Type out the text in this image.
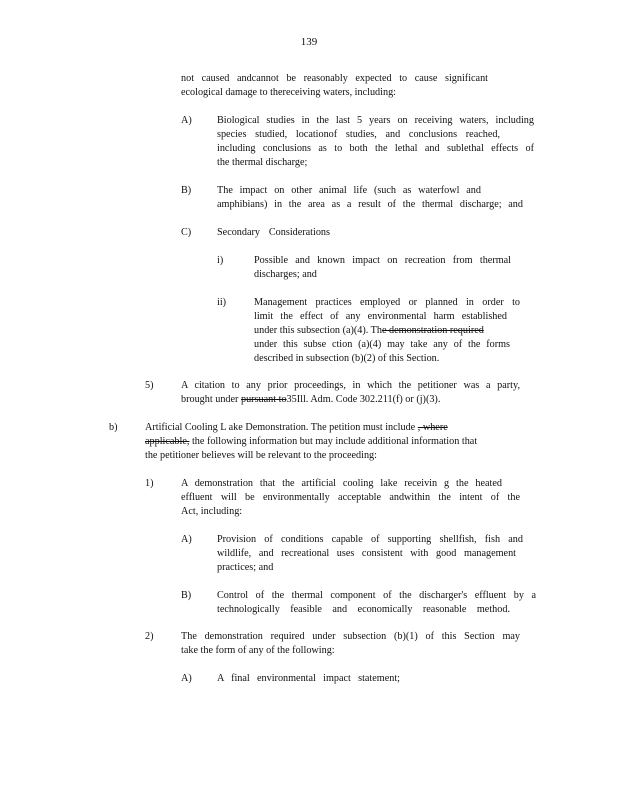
139
not caused andcannot be reasonably expected to cause significant
ecological damage to thereceiving waters, including:
A) Biological studies in the last 5 years on receiving waters, including
species studied, locationof studies, and conclusions reached,
including conclusions as to both the lethal and sublethal effects of
the thermal discharge;
B)	The impact on other animal life (such as waterfowl and
amphibians) in the area as a result of the thermal discharge; and
C)	Secondary Considerations
i)	Possible and known impact on recreation from thermal
discharges; and
ii)	Management practices employed or planned in order to
limit the effect of any environmental harm established
under this subsection (a)(4). The demonstration required
under this subse ction (a)(4) may take any of the forms
described in subsection (b)(2) of this Section.
5)	A citation to any prior proceedings, in which the petitioner was a party,
brought under pursuant to35Ill. Adm. Code 302.211(f) or (j)(3).
b)	Artificial Cooling L ake Demonstration. The petition must include , where
applicable, the following information but may include additional information that
the petitioner believes will be relevant to the proceeding:
1)	A demonstration that the artificial cooling lake receivin g the heated
effluent will be environmentally acceptable andwithin the intent of the
Act, including:
A) Provision of conditions capable of supporting shellfish, fish and
wildlife, and recreational uses consistent with good management
practices; and
B)	Control of the thermal component of the discharger's effluent by a
technologically feasible and economically reasonable method.
2)	The demonstration required under subsection (b)(1) of this Section may
take the form of any of the following:
A) A final environmental impact statement;
